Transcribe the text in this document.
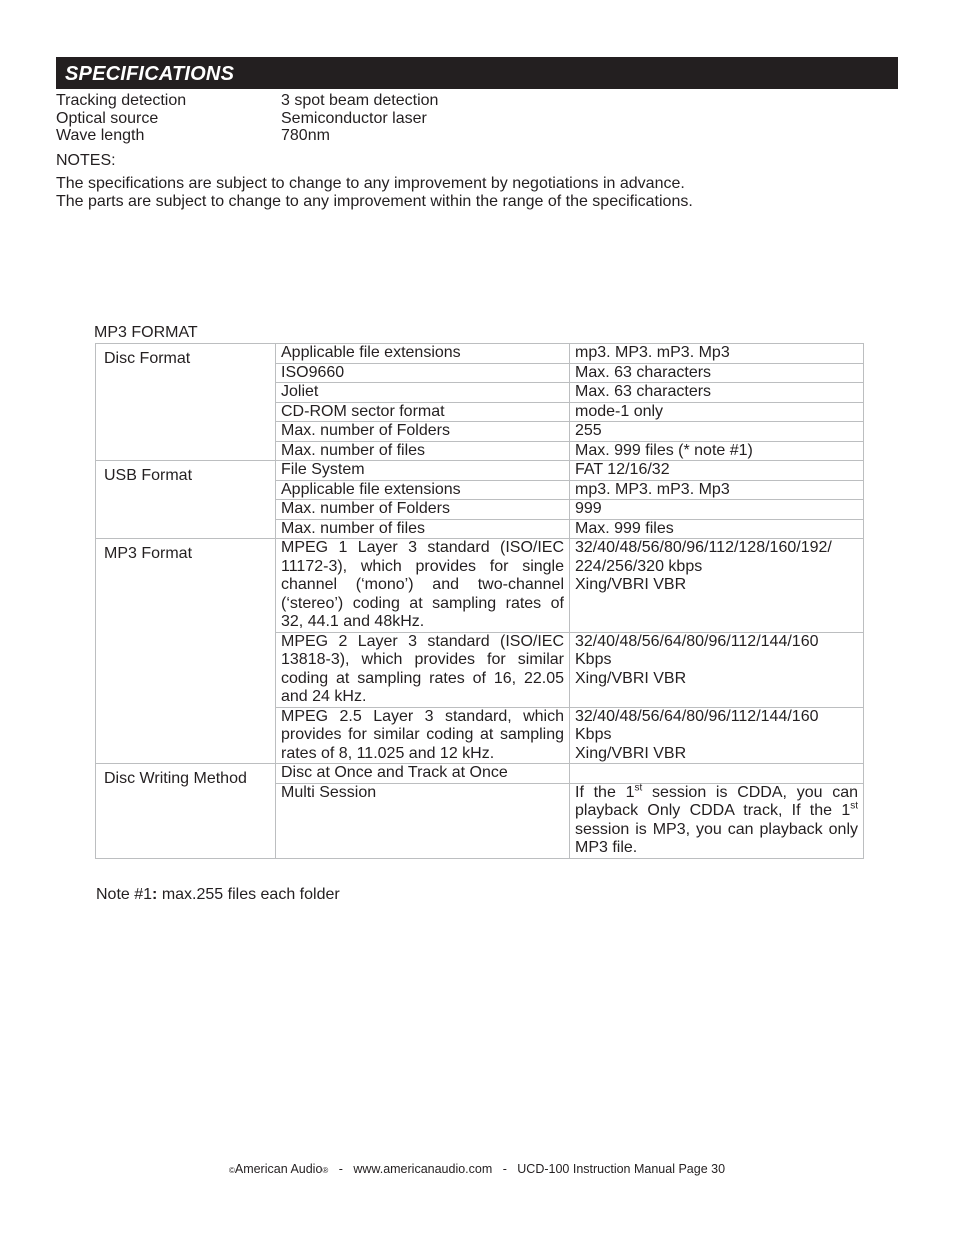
SPECIFICATIONS
Tracking detection	3 spot beam detection
Optical source	Semiconductor laser
Wave length	780nm
NOTES:
The specifications are subject to change to any improvement by negotiations in advance.
The parts are subject to change to any improvement within the range of the specifications.
MP3 FORMAT
Disc Format	Applicable file extensions	mp3. MP3. mP3. Mp3
	ISO9660	Max. 63 characters
	Joliet	Max. 63 characters
	CD-ROM sector format	mode-1 only
	Max. number of Folders	255
	Max. number of files	Max. 999 files (* note #1)
USB Format	File System	FAT 12/16/32
	Applicable file extensions	mp3. MP3. mP3. Mp3
	Max. number of Folders	999
	Max. number of files	Max. 999 files
MP3 Format	MPEG 1 Layer 3 standard (ISO/IEC 11172-3), which provides for single channel (‘mono’) and two-channel (‘stereo’) coding at sampling rates of 32, 44.1 and 48kHz.	32/40/48/56/80/96/112/128/160/192/ 224/256/320 kbps
Xing/VBRI VBR

	MPEG 2 Layer 3 standard (ISO/IEC 13818-3), which provides for similar coding at sampling rates of 16, 22.05 and 24 kHz.	32/40/48/56/64/80/96/112/144/160 Kbps
Xing/VBRI VBR

	MPEG 2.5 Layer 3 standard, which provides for similar coding at sampling rates of 8, 11.025 and 12 kHz.	32/40/48/56/64/80/96/112/144/160 Kbps
Xing/VBRI VBR

Disc Writing Method	Disc at Once and Track at Once	
	Multi Session	If the 1st session is CDDA, you can playback Only CDDA track, If the 1st session is MP3, you can playback only MP3 file.
Note #1: max.255 files each folder
©American Audio®   -   www.americanaudio.com   -   UCD-100 Instruction Manual Page 30
